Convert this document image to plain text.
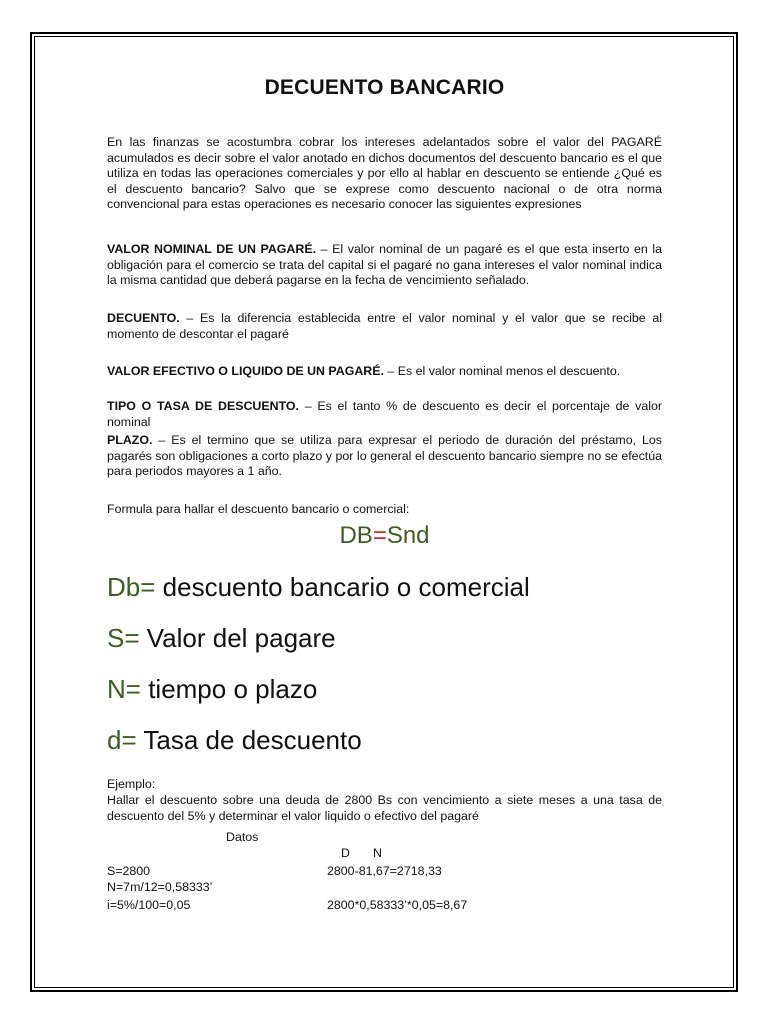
DECUENTO BANCARIO
En las finanzas se acostumbra cobrar los intereses adelantados sobre el valor del PAGARÉ acumulados es decir sobre el valor anotado en dichos documentos del descuento bancario es el que utiliza en todas las operaciones comerciales y por ello al hablar en descuento se entiende ¿Qué es el descuento bancario? Salvo que se exprese como descuento nacional o de otra norma convencional para estas operaciones es necesario conocer las siguientes expresiones
VALOR NOMINAL DE UN PAGARÉ. – El valor nominal de un pagaré es el que esta inserto en la obligación para el comercio se trata del capital si el pagaré no gana intereses el valor nominal indica la misma cantidad que deberá pagarse en la fecha de vencimiento señalado.
DECUENTO. – Es la diferencia establecida entre el valor nominal y el valor que se recibe al momento de descontar el pagaré
VALOR EFECTIVO O LIQUIDO DE UN PAGARÉ. – Es el valor nominal menos el descuento.
TIPO O TASA DE DESCUENTO. – Es el tanto % de descuento es decir el porcentaje de valor nominal
PLAZO. – Es el termino que se utiliza para expresar el periodo de duración del préstamo, Los pagarés son obligaciones a corto plazo y por lo general el descuento bancario siempre no se efectúa para periodos mayores a 1 año.
Formula para hallar el descuento bancario o comercial:
DB=Snd
Db= descuento bancario o comercial
S= Valor del pagare
N= tiempo o plazo
d= Tasa de descuento
Ejemplo:
Hallar el descuento sobre una deuda de 2800 Bs con vencimiento a siete meses a una tasa de descuento del 5% y determinar el valor liquido o efectivo del pagaré
Datos
D N
S=2800	2800-81,67=2718,33
N=7m/12=0,58333’
i=5%/100=0,05	2800*0,58333’*0,05=8,67
